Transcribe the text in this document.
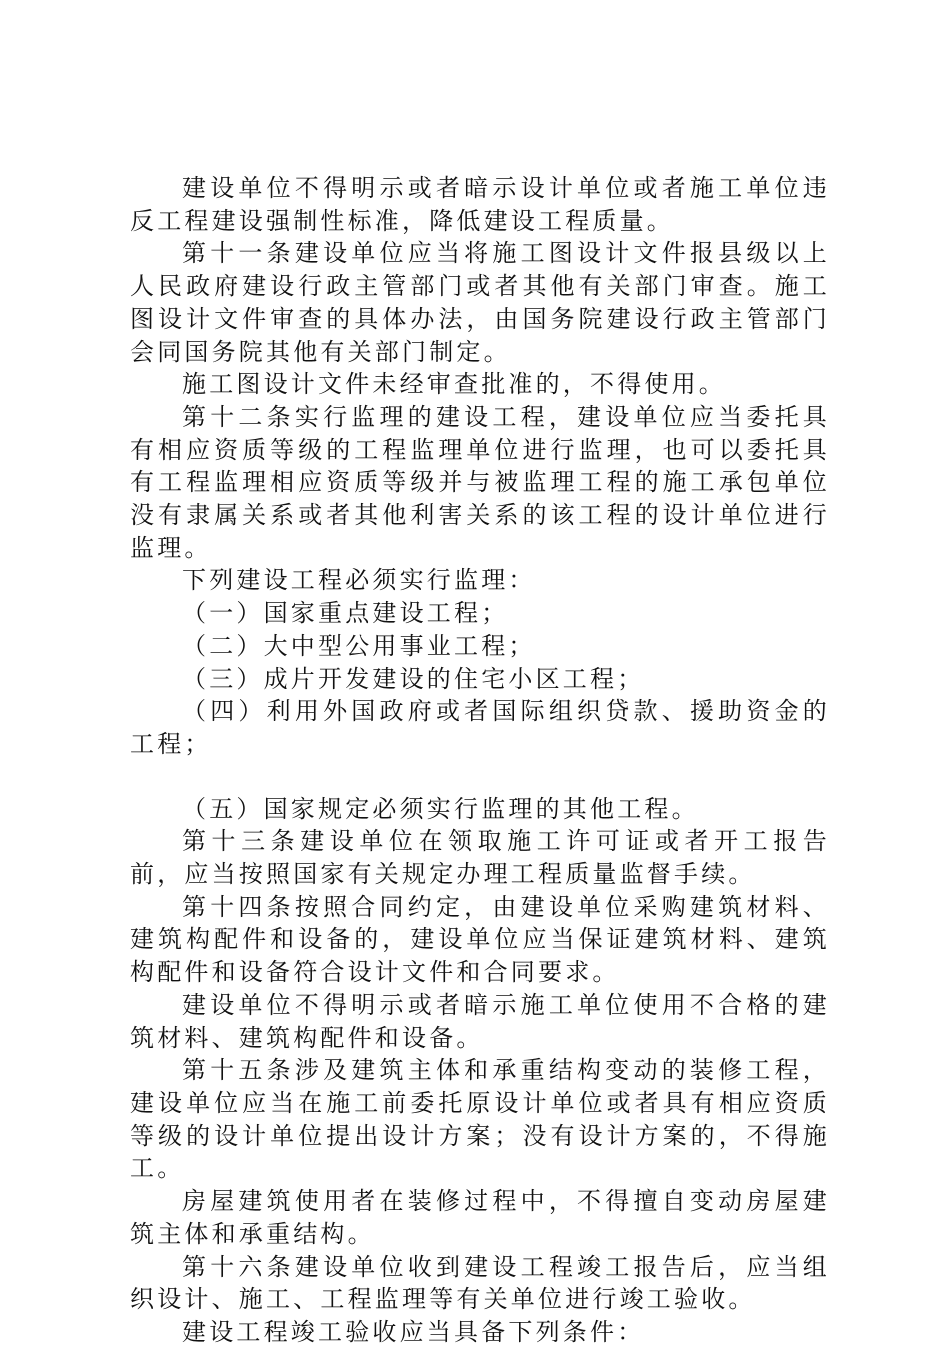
建设单位不得明示或者暗示设计单位或者施工单位违反工程建设强制性标准，降低建设工程质量。

第十一条建设单位应当将施工图设计文件报县级以上人民政府建设行政主管部门或者其他有关部门审查。施工图设计文件审查的具体办法，由国务院建设行政主管部门会同国务院其他有关部门制定。

施工图设计文件未经审查批准的，不得使用。

第十二条实行监理的建设工程，建设单位应当委托具有相应资质等级的工程监理单位进行监理，也可以委托具有工程监理相应资质等级并与被监理工程的施工承包单位没有隶属关系或者其他利害关系的该工程的设计单位进行监理。

下列建设工程必须实行监理：

（一）国家重点建设工程；

（二）大中型公用事业工程；

（三）成片开发建设的住宅小区工程；

（四）利用外国政府或者国际组织贷款、援助资金的工程；

（五）国家规定必须实行监理的其他工程。

第十三条建设单位在领取施工许可证或者开工报告前，应当按照国家有关规定办理工程质量监督手续。

第十四条按照合同约定，由建设单位采购建筑材料、建筑构配件和设备的，建设单位应当保证建筑材料、建筑构配件和设备符合设计文件和合同要求。

建设单位不得明示或者暗示施工单位使用不合格的建筑材料、建筑构配件和设备。

第十五条涉及建筑主体和承重结构变动的装修工程，建设单位应当在施工前委托原设计单位或者具有相应资质等级的设计单位提出设计方案；没有设计方案的，不得施工。

房屋建筑使用者在装修过程中，不得擅自变动房屋建筑主体和承重结构。

第十六条建设单位收到建设工程竣工报告后，应当组织设计、施工、工程监理等有关单位进行竣工验收。

建设工程竣工验收应当具备下列条件：
